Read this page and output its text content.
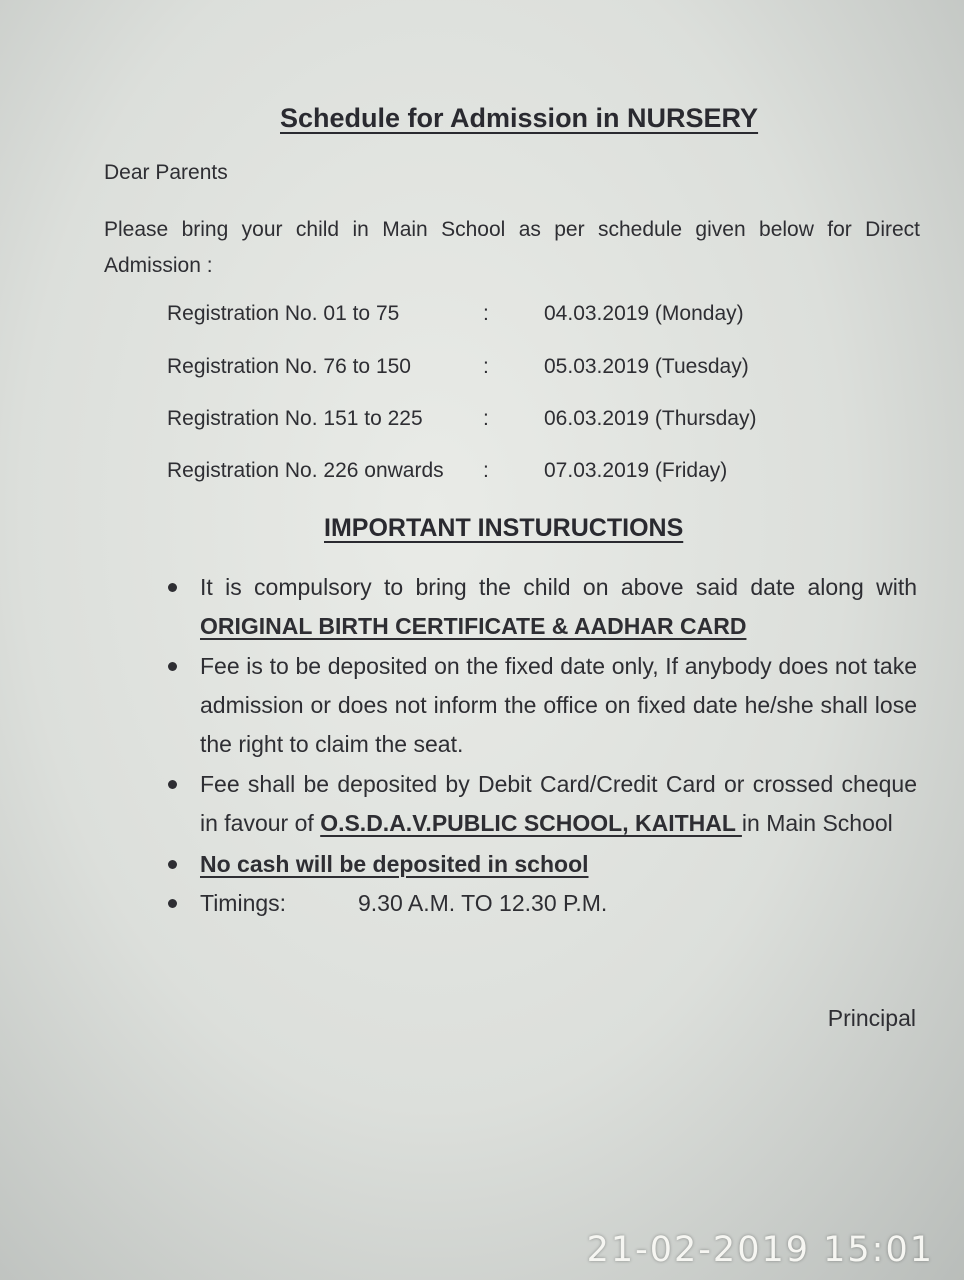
Schedule for Admission in NURSERY
Dear Parents
Please bring your child in Main School as per schedule given below for Direct Admission :
Registration No. 01 to 75	:	04.03.2019 (Monday)
Registration No. 76 to 150	:	05.03.2019 (Tuesday)
Registration No. 151 to 225	:	06.03.2019 (Thursday)
Registration No. 226 onwards :	07.03.2019 (Friday)
IMPORTANT INSTURUCTIONS
It is compulsory to bring the child on above said date along with ORIGINAL BIRTH CERTIFICATE & AADHAR CARD
Fee is to be deposited on the fixed date only, If anybody does not take admission or does not inform the office on fixed date he/she shall lose the right to claim the seat.
Fee shall be deposited by Debit Card/Credit Card or crossed cheque in favour of O.S.D.A.V.PUBLIC SCHOOL, KAITHAL in Main School
No cash will be deposited in school
Timings:	9.30 A.M. TO 12.30 P.M.
Principal
21-02-2019 15:01
